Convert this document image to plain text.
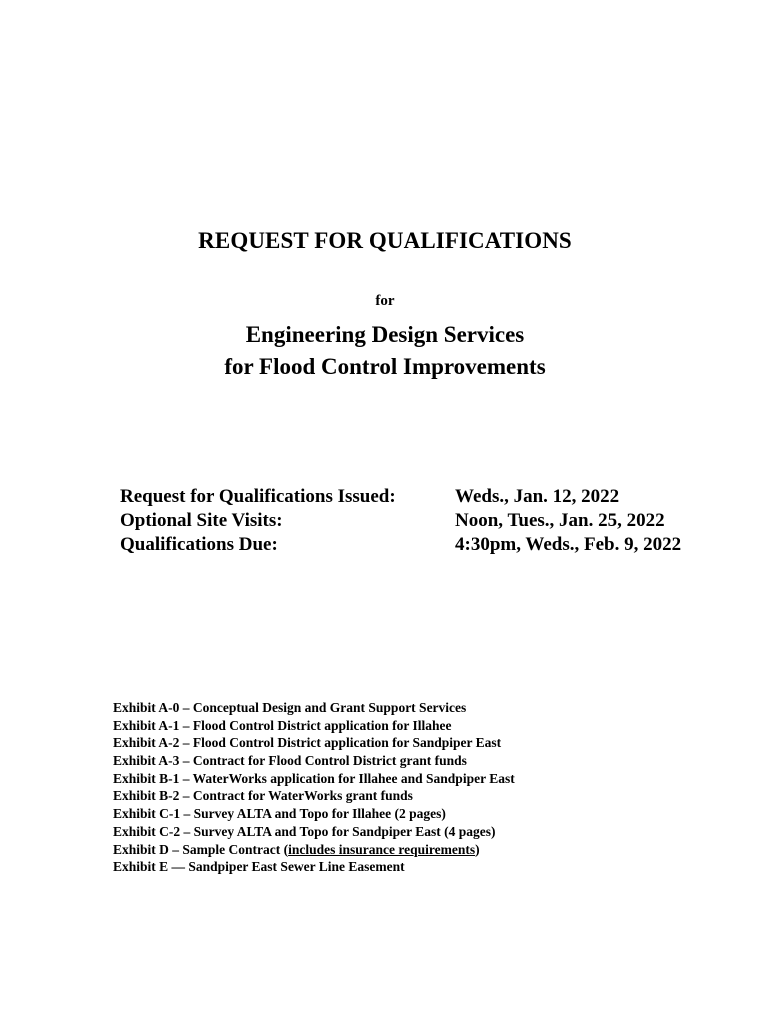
REQUEST FOR QUALIFICATIONS
for
Engineering Design Services
for Flood Control Improvements
Request for Qualifications Issued:	Weds., Jan. 12, 2022
Optional Site Visits:	Noon, Tues., Jan. 25, 2022
Qualifications Due:	4:30pm, Weds., Feb. 9, 2022
Exhibit A-0 – Conceptual Design and Grant Support Services
Exhibit A-1 – Flood Control District application for Illahee
Exhibit A-2 – Flood Control District application for Sandpiper East
Exhibit A-3 – Contract for Flood Control District grant funds
Exhibit B-1 – WaterWorks application for Illahee and Sandpiper East
Exhibit B-2 – Contract for WaterWorks grant funds
Exhibit C-1 – Survey ALTA and Topo for Illahee (2 pages)
Exhibit C-2 – Survey ALTA and Topo for Sandpiper East (4 pages)
Exhibit D – Sample Contract (includes insurance requirements)
Exhibit E — Sandpiper East Sewer Line Easement
